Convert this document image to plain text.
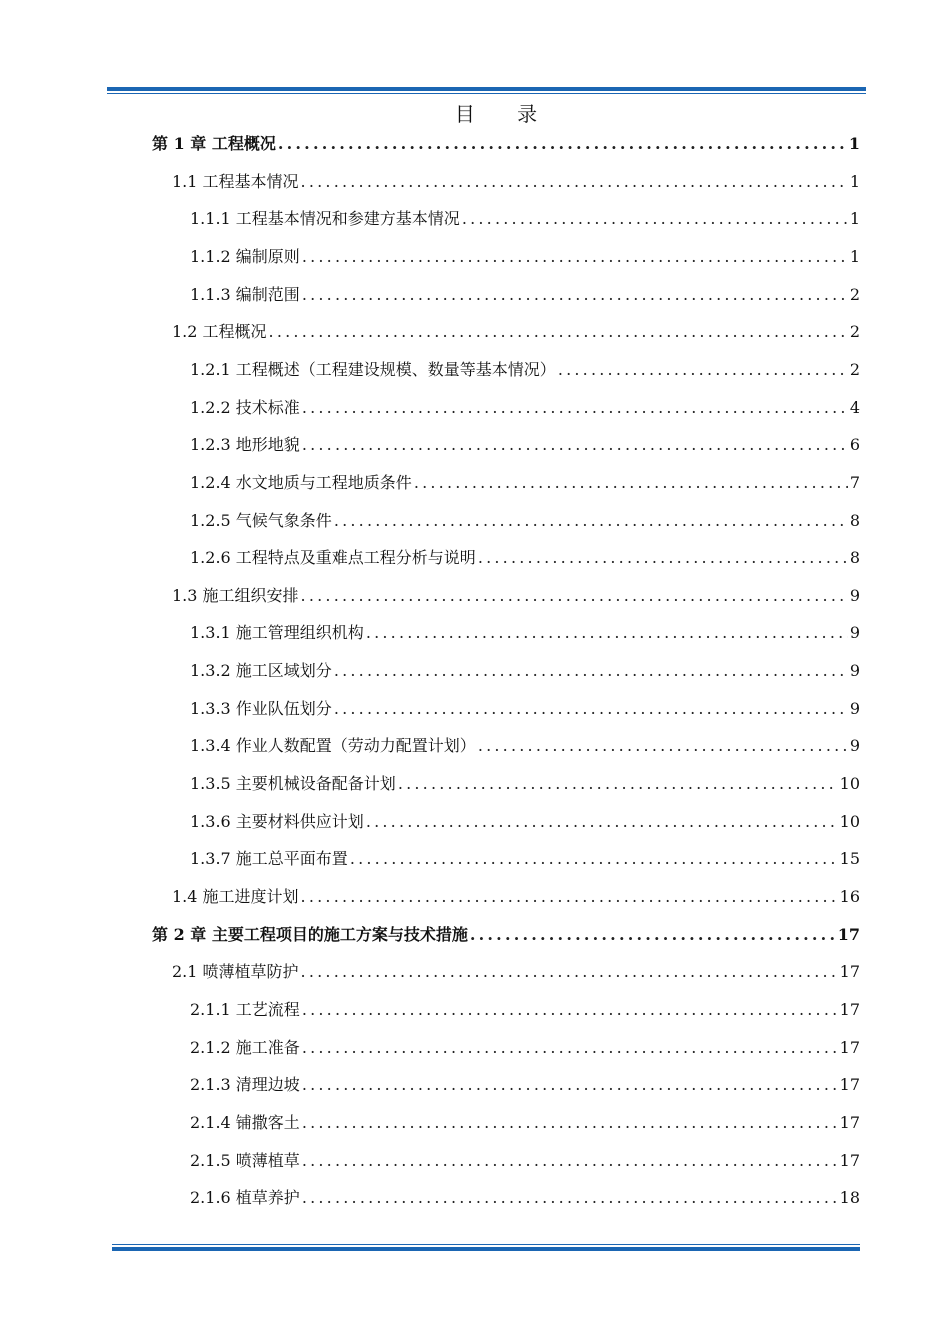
目 录
第 1 章 工程概况 .....	1
1.1 工程基本情况 .....	1
1.1.1 工程基本情况和参建方基本情况 .....	1
1.1.2 编制原则 .....	1
1.1.3 编制范围 .....	2
1.2 工程概况 .....	2
1.2.1 工程概述（工程建设规模、数量等基本情况） .....	2
1.2.2 技术标准 .....	4
1.2.3 地形地貌 .....	6
1.2.4 水文地质与工程地质条件 .....	7
1.2.5 气候气象条件 .....	8
1.2.6 工程特点及重难点工程分析与说明 .....	8
1.3 施工组织安排 .....	9
1.3.1 施工管理组织机构 .....	9
1.3.2 施工区域划分 .....	9
1.3.3 作业队伍划分 .....	9
1.3.4 作业人数配置（劳动力配置计划） .....	9
1.3.5 主要机械设备配备计划 .....	10
1.3.6 主要材料供应计划 .....	10
1.3.7 施工总平面布置 .....	15
1.4 施工进度计划 .....	16
第 2 章 主要工程项目的施工方案与技术措施 .....	17
2.1 喷薄植草防护 .....	17
2.1.1 工艺流程 .....	17
2.1.2 施工准备 .....	17
2.1.3 清理边坡 .....	17
2.1.4 铺撒客土 .....	17
2.1.5 喷薄植草 .....	17
2.1.6 植草养护 .....	18
